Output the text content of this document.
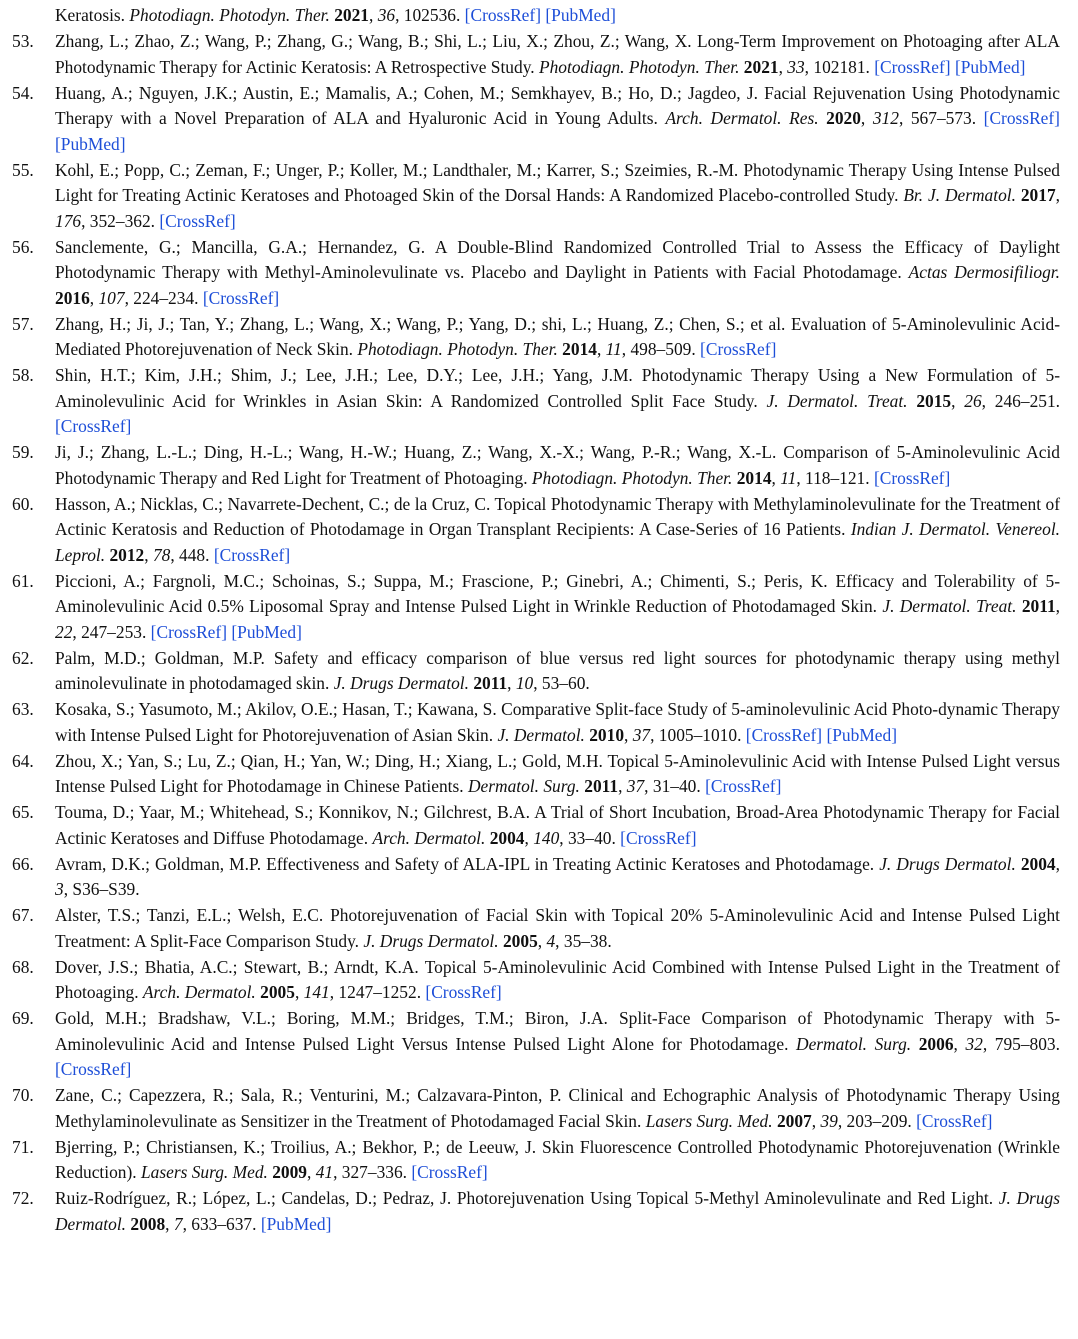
Keratosis. Photodiagn. Photodyn. Ther. 2021, 36, 102536. [CrossRef] [PubMed]
53. Zhang, L.; Zhao, Z.; Wang, P.; Zhang, G.; Wang, B.; Shi, L.; Liu, X.; Zhou, Z.; Wang, X. Long-Term Improvement on Photoaging after ALA Photodynamic Therapy for Actinic Keratosis: A Retrospective Study. Photodiagn. Photodyn. Ther. 2021, 33, 102181. [CrossRef] [PubMed]
54. Huang, A.; Nguyen, J.K.; Austin, E.; Mamalis, A.; Cohen, M.; Semkhayev, B.; Ho, D.; Jagdeo, J. Facial Rejuvenation Using Photodynamic Therapy with a Novel Preparation of ALA and Hyaluronic Acid in Young Adults. Arch. Dermatol. Res. 2020, 312, 567–573. [CrossRef] [PubMed]
55. Kohl, E.; Popp, C.; Zeman, F.; Unger, P.; Koller, M.; Landthaler, M.; Karrer, S.; Szeimies, R.-M. Photodynamic Therapy Using Intense Pulsed Light for Treating Actinic Keratoses and Photoaged Skin of the Dorsal Hands: A Randomized Placebo-controlled Study. Br. J. Dermatol. 2017, 176, 352–362. [CrossRef]
56. Sanclemente, G.; Mancilla, G.A.; Hernandez, G. A Double-Blind Randomized Controlled Trial to Assess the Efficacy of Daylight Photodynamic Therapy with Methyl-Aminolevulinate vs. Placebo and Daylight in Patients with Facial Photodamage. Actas Dermosifiliogr. 2016, 107, 224–234. [CrossRef]
57. Zhang, H.; Ji, J.; Tan, Y.; Zhang, L.; Wang, X.; Wang, P.; Yang, D.; shi, L.; Huang, Z.; Chen, S.; et al. Evaluation of 5-Aminolevulinic Acid-Mediated Photorejuvenation of Neck Skin. Photodiagn. Photodyn. Ther. 2014, 11, 498–509. [CrossRef]
58. Shin, H.T.; Kim, J.H.; Shim, J.; Lee, J.H.; Lee, D.Y.; Lee, J.H.; Yang, J.M. Photodynamic Therapy Using a New Formulation of 5-Aminolevulinic Acid for Wrinkles in Asian Skin: A Randomized Controlled Split Face Study. J. Dermatol. Treat. 2015, 26, 246–251. [CrossRef]
59. Ji, J.; Zhang, L.-L.; Ding, H.-L.; Wang, H.-W.; Huang, Z.; Wang, X.-X.; Wang, P.-R.; Wang, X.-L. Comparison of 5-Aminolevulinic Acid Photodynamic Therapy and Red Light for Treatment of Photoaging. Photodiagn. Photodyn. Ther. 2014, 11, 118–121. [CrossRef]
60. Hasson, A.; Nicklas, C.; Navarrete-Dechent, C.; de la Cruz, C. Topical Photodynamic Therapy with Methylaminolevulinate for the Treatment of Actinic Keratosis and Reduction of Photodamage in Organ Transplant Recipients: A Case-Series of 16 Patients. Indian J. Dermatol. Venereol. Leprol. 2012, 78, 448. [CrossRef]
61. Piccioni, A.; Fargnoli, M.C.; Schoinas, S.; Suppa, M.; Frascione, P.; Ginebri, A.; Chimenti, S.; Peris, K. Efficacy and Tolerability of 5-Aminolevulinic Acid 0.5% Liposomal Spray and Intense Pulsed Light in Wrinkle Reduction of Photodamaged Skin. J. Dermatol. Treat. 2011, 22, 247–253. [CrossRef] [PubMed]
62. Palm, M.D.; Goldman, M.P. Safety and efficacy comparison of blue versus red light sources for photodynamic therapy using methyl aminolevulinate in photodamaged skin. J. Drugs Dermatol. 2011, 10, 53–60.
63. Kosaka, S.; Yasumoto, M.; Akilov, O.E.; Hasan, T.; Kawana, S. Comparative Split-face Study of 5-aminolevulinic Acid Photo-dynamic Therapy with Intense Pulsed Light for Photorejuvenation of Asian Skin. J. Dermatol. 2010, 37, 1005–1010. [CrossRef] [PubMed]
64. Zhou, X.; Yan, S.; Lu, Z.; Qian, H.; Yan, W.; Ding, H.; Xiang, L.; Gold, M.H. Topical 5-Aminolevulinic Acid with Intense Pulsed Light versus Intense Pulsed Light for Photodamage in Chinese Patients. Dermatol. Surg. 2011, 37, 31–40. [CrossRef]
65. Touma, D.; Yaar, M.; Whitehead, S.; Konnikov, N.; Gilchrest, B.A. A Trial of Short Incubation, Broad-Area Photodynamic Therapy for Facial Actinic Keratoses and Diffuse Photodamage. Arch. Dermatol. 2004, 140, 33–40. [CrossRef]
66. Avram, D.K.; Goldman, M.P. Effectiveness and Safety of ALA-IPL in Treating Actinic Keratoses and Photodamage. J. Drugs Dermatol. 2004, 3, S36–S39.
67. Alster, T.S.; Tanzi, E.L.; Welsh, E.C. Photorejuvenation of Facial Skin with Topical 20% 5-Aminolevulinic Acid and Intense Pulsed Light Treatment: A Split-Face Comparison Study. J. Drugs Dermatol. 2005, 4, 35–38.
68. Dover, J.S.; Bhatia, A.C.; Stewart, B.; Arndt, K.A. Topical 5-Aminolevulinic Acid Combined with Intense Pulsed Light in the Treatment of Photoaging. Arch. Dermatol. 2005, 141, 1247–1252. [CrossRef]
69. Gold, M.H.; Bradshaw, V.L.; Boring, M.M.; Bridges, T.M.; Biron, J.A. Split-Face Comparison of Photodynamic Therapy with 5-Aminolevulinic Acid and Intense Pulsed Light Versus Intense Pulsed Light Alone for Photodamage. Dermatol. Surg. 2006, 32, 795–803. [CrossRef]
70. Zane, C.; Capezzera, R.; Sala, R.; Venturini, M.; Calzavara-Pinton, P. Clinical and Echographic Analysis of Photodynamic Therapy Using Methylaminolevulinate as Sensitizer in the Treatment of Photodamaged Facial Skin. Lasers Surg. Med. 2007, 39, 203–209. [CrossRef]
71. Bjerring, P.; Christiansen, K.; Troilius, A.; Bekhor, P.; de Leeuw, J. Skin Fluorescence Controlled Photodynamic Photorejuvenation (Wrinkle Reduction). Lasers Surg. Med. 2009, 41, 327–336. [CrossRef]
72. Ruiz-Rodríguez, R.; López, L.; Candelas, D.; Pedraz, J. Photorejuvenation Using Topical 5-Methyl Aminolevulinate and Red Light. J. Drugs Dermatol. 2008, 7, 633–637. [PubMed]
